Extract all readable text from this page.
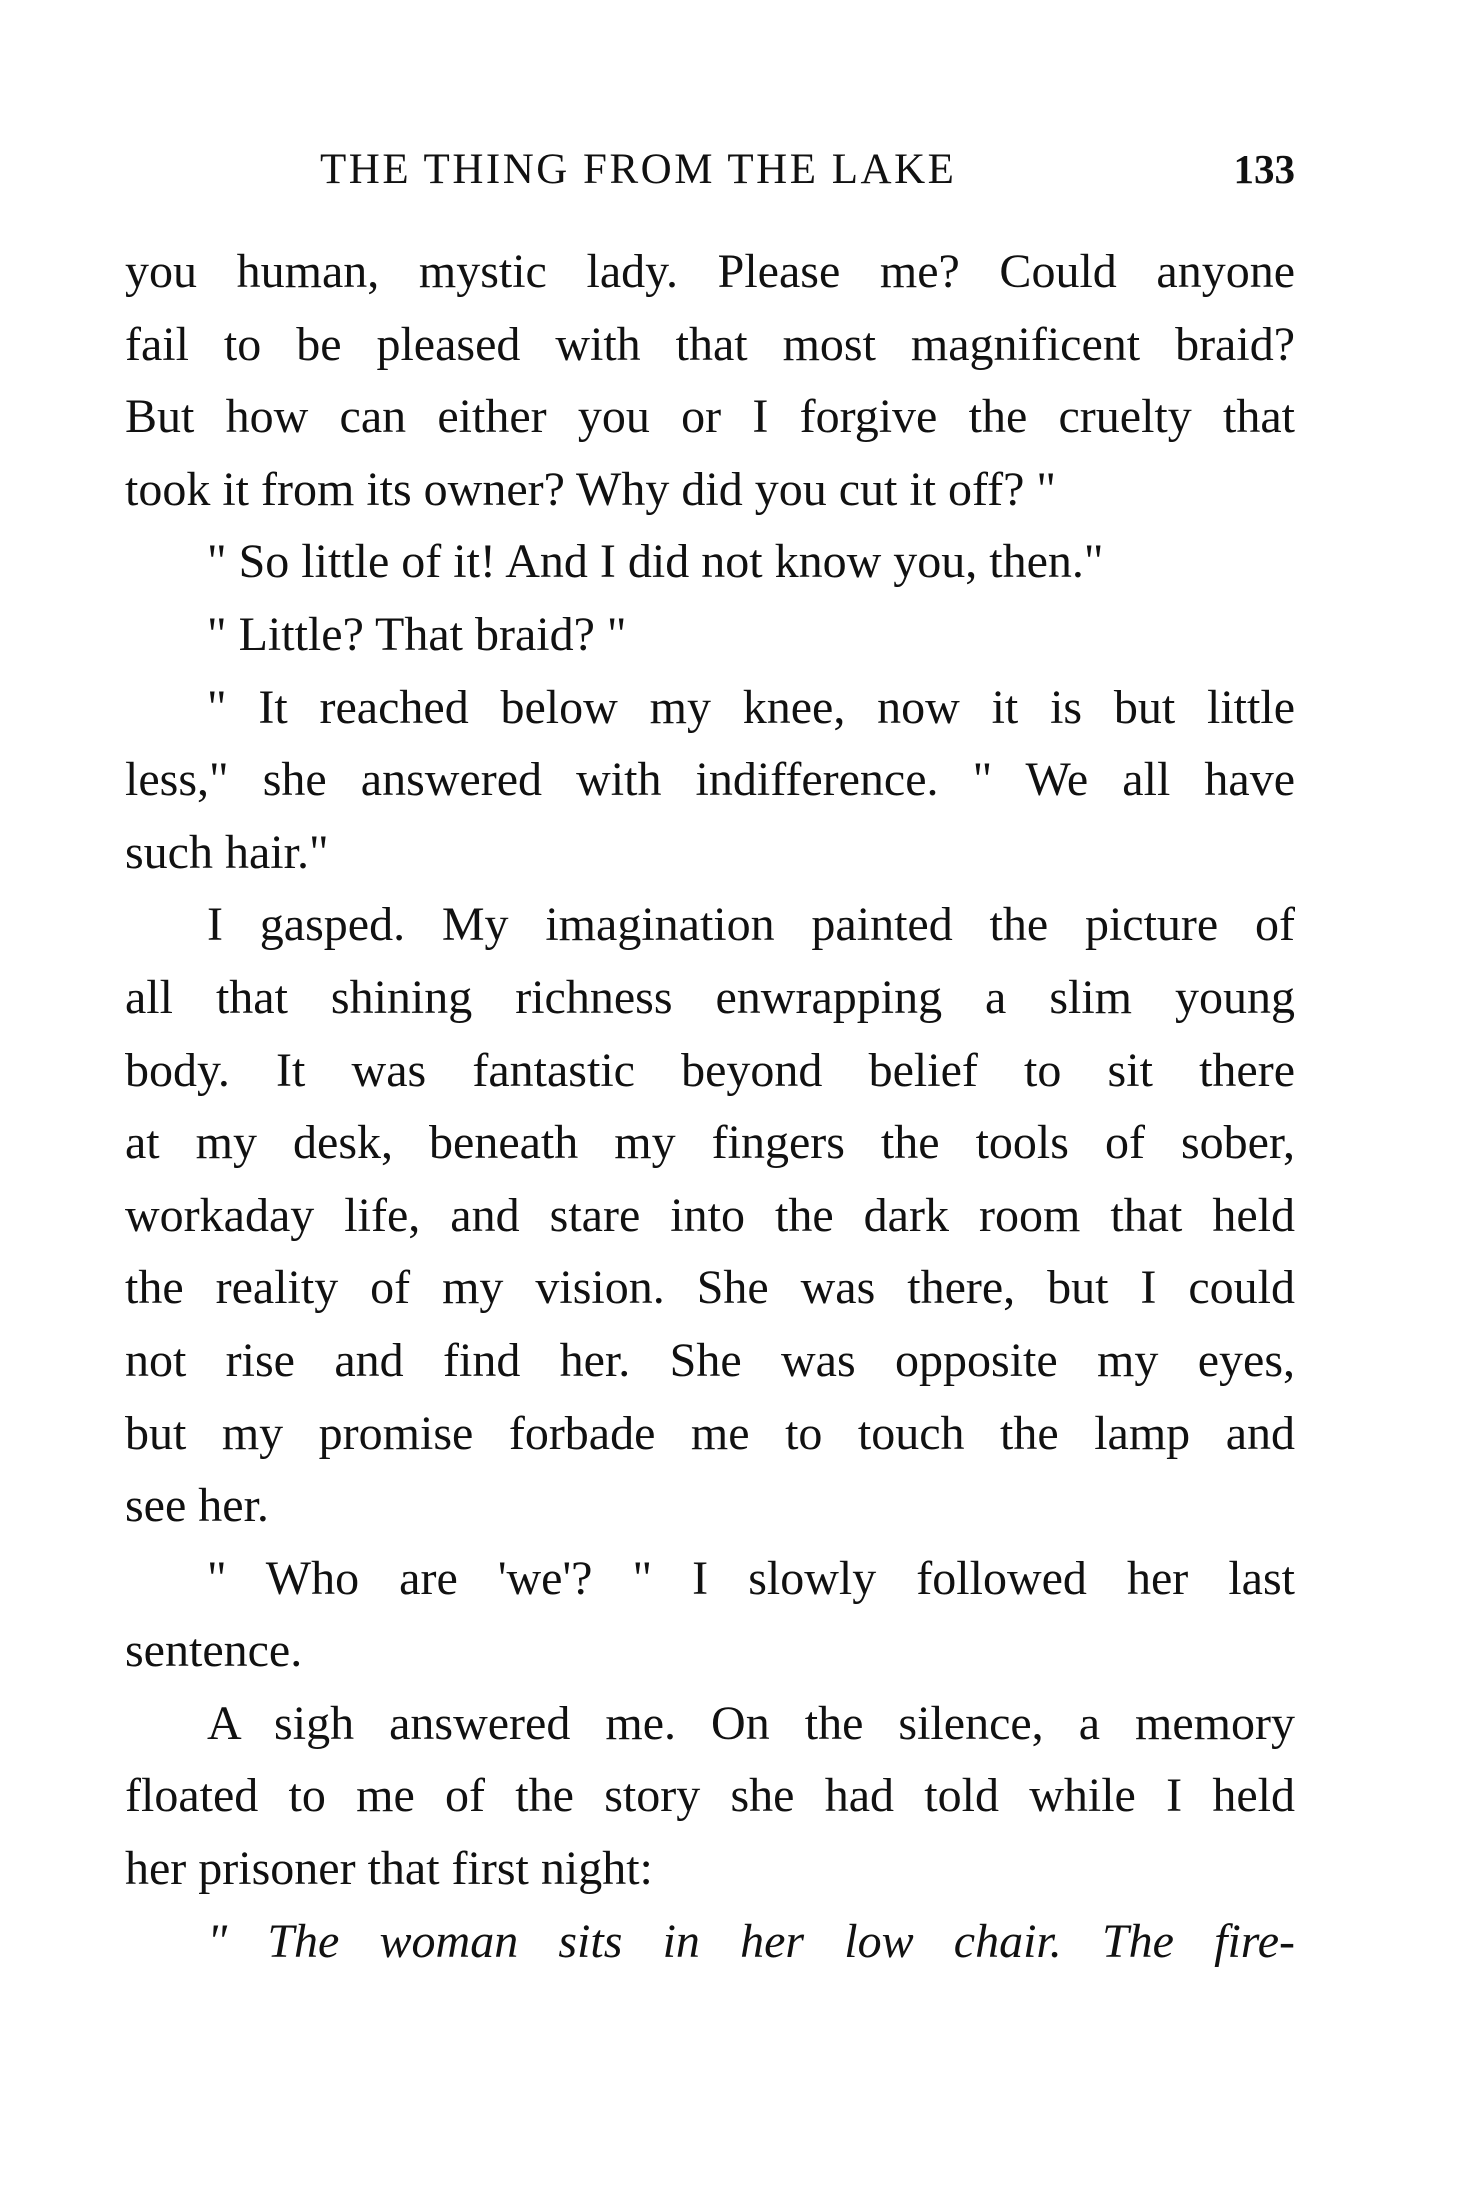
THE THING FROM THE LAKE	133
you human, mystic lady. Please me? Could anyone
fail to be pleased with that most magnificent braid?
But how can either you or I forgive the cruelty that
took it from its owner? Why did you cut it off? "
" So little of it! And I did not know you, then."
" Little? That braid? "
" It reached below my knee, now it is but little
less," she answered with indifference. " We all have
such hair."
I gasped. My imagination painted the picture of
all that shining richness enwrapping a slim young
body. It was fantastic beyond belief to sit there
at my desk, beneath my fingers the tools of sober,
workaday life, and stare into the dark room that held
the reality of my vision. She was there, but I could
not rise and find her. She was opposite my eyes,
but my promise forbade me to touch the lamp and
see her.
" Who are 'we'? " I slowly followed her last
sentence.
A sigh answered me. On the silence, a memory
floated to me of the story she had told while I held
her prisoner that first night:
" The woman sits in her low chair. The fire-
